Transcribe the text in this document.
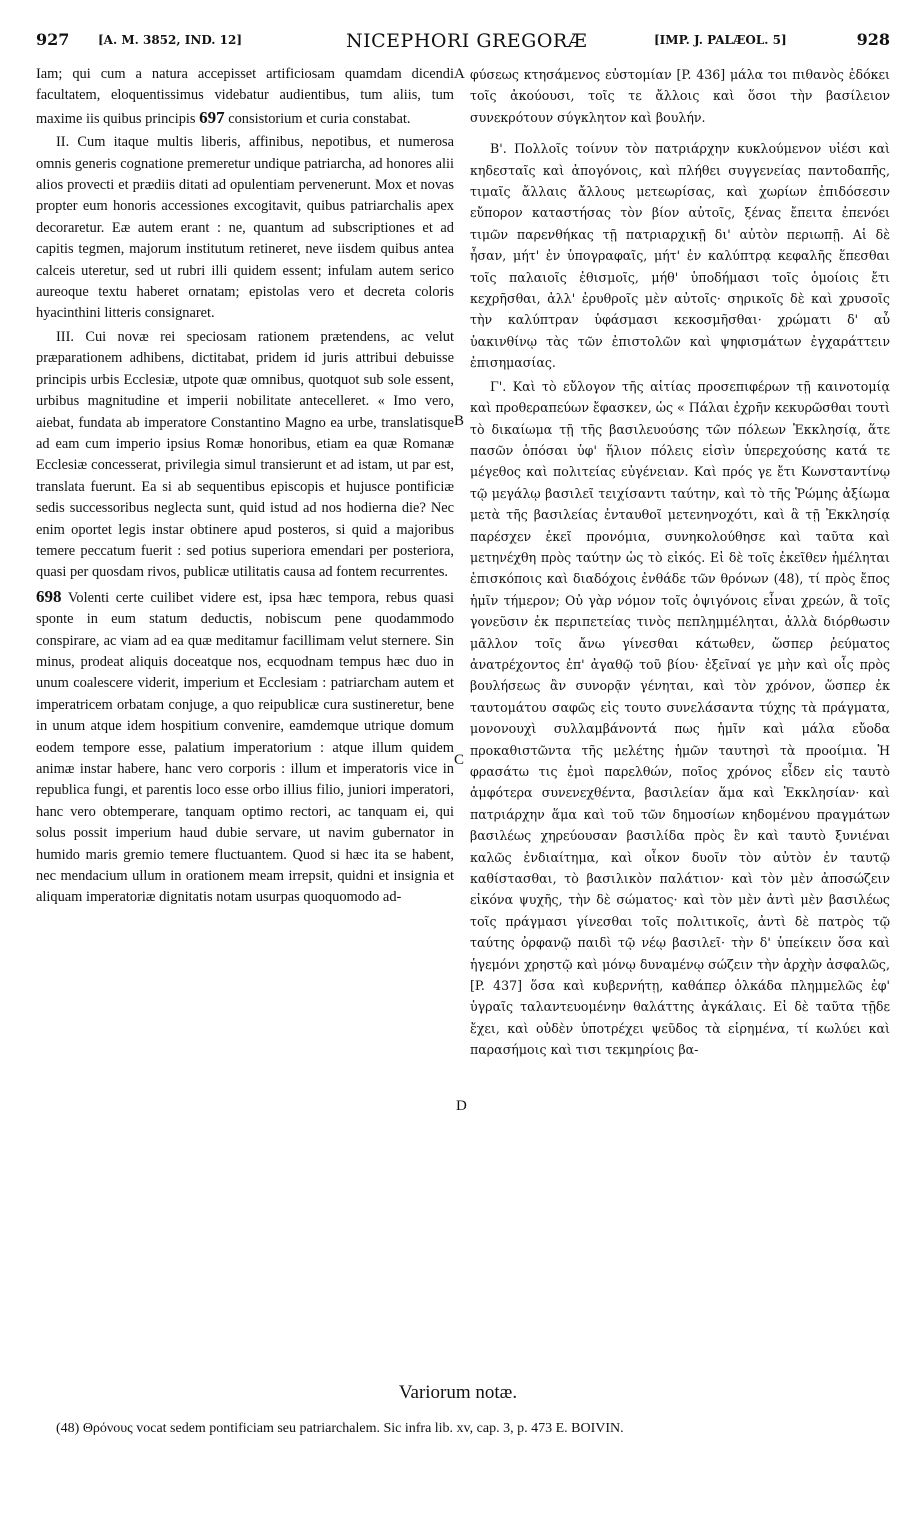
927 [A. M. 3852, IND. 12]	NICEPHORI GREGORÆ	[IMP. J. PALÆOL. 5]	928

Iam; qui cum a natura accepisset artificiosam quamdam dicendi facultatem, eloquentissimus videbatur audientibus, tum aliis, tum maxime iis quibus principis 697 consistorium et curia constabat.

II. Cum itaque multis liberis, affinibus, nepotibus, et numerosa omnis generis cognatione premeretur undique patriarcha, ad honores alii alios provecti et prædiis ditati ad opulentiam pervenerunt. Mox et novas propter eum honoris accessiones excogitavit, quibus patriarchalis apex decoraretur. Eæ autem erant : ne, quantum ad subscriptiones et ad capitis tegmen, majorum institutum retineret, neve iisdem quibus antea calceis uteretur, sed ut rubri illi quidem essent; infulam autem serico aureoque textu haberet ornatam; epistolas vero et decreta coloris hyacinthini litteris consignaret.

III. Cui novæ rei speciosam rationem prætendens, ac velut præparationem adhibens, dictitabat, pridem id juris attribui debuisse principis urbis Ecclesiæ, utpote quæ omnibus, quotquot sub sole essent, urbibus magnitudine et imperii nobilitate antecelleret. « Imo vero, aiebat, fundata ab imperatore Constantino Magno ea urbe, translatisque ad eam cum imperio ipsius Romæ honoribus, etiam ea quæ Romanæ Ecclesiæ concesserat, privilegia simul transierunt et ad istam, ut par est, translata fuerunt. Ea si ab sequentibus episcopis et hujusce pontificiæ sedis successoribus neglecta sunt, quid istud ad nos hodierna die? Nec enim oportet legis instar obtinere apud posteros, si quid a majoribus temere peccatum fuerit : sed potius superiora emendari per posteriora, quasi per quosdam rivos, publicæ utilitatis causa ad fontem recurrentes.

698 Volenti certe cuilibet videre est, ipsa hæc tempora, rebus quasi sponte in eum statum deductis, nobiscum pene quodammodo conspirare, ac viam ad ea quæ meditamur facillimam velut sternere. Sin minus, prodeat aliquis doceatque nos, ecquodnam tempus hæc duo in unum coalescere viderit, imperium et Ecclesiam : patriarcham autem et imperatricem orbatam conjuge, a quo reipublicæ cura sustineretur, bene in unum atque idem hospitium convenire, eamdemque utrique domum eodem tempore esse, palatium imperatorium : atque illum quidem animæ instar habere, hanc vero corporis : illum et imperatoris vice in republica fungi, et parentis loco esse orbo illius filio, juniori imperatori, hanc vero obtemperare, tanquam optimo rectori, ac tanquam ei, qui solus possit imperium haud dubie servare, ut navim gubernator in humido maris gremio temere fluctuantem. Quod si hæc ita se habent, nec mendacium ullum in orationem meam irrepsit, quidni et insignia et aliquam imperatoriæ dignitatis notam usurpas quoquomodo ad-

φύσεως κτησάμενος εὐστομίαν [P. 436] μάλα τοι πιθανὸς ἐδόκει τοῖς ἀκούουσι, τοῖς τε ἄλλοις καὶ ὅσοι τὴν βασίλειον συνεκρότουν σύγκλητον καὶ βουλήν.

Β'. Πολλοῖς τοίνυν τὸν πατριάρχην κυκλούμενον υἱέσι καὶ κηδεσταῖς καὶ ἀπογόνοις, καὶ πλήθει συγγενείας παντοδαπῆς, τιμαῖς ἄλλαις ἄλλους μετεωρίσας, καὶ χωρίων ἐπιδόσεσιν εὔπορον καταστήσας τὸν βίον αὐτοῖς, ξένας ἔπειτα ἐπενόει τιμῶν παρενθήκας τῇ πατριαρχικῇ δι' αὐτὸν περιωπῇ. Αἱ δὲ ἦσαν, μήτ' ἐν ὑπογραφαῖς, μήτ' ἐν καλύπτρᾳ κεφαλῆς ἕπεσθαι τοῖς παλαιοῖς ἐθισμοῖς, μήθ' ὑποδήμασι τοῖς ὁμοίοις ἔτι κεχρῆσθαι, ἀλλ' ἐρυθροῖς μὲν αὐτοῖς· σηρικοῖς δὲ καὶ χρυσοῖς τὴν καλύπτραν ὑφάσμασι κεκοσμῆσθαι· χρώματι δ' αὖ ὑακινθίνῳ τὰς τῶν ἐπιστολῶν καὶ ψηφισμάτων ἐγχαράττειν ἐπισημασίας.

Γ'. Καὶ τὸ εὔλογον τῆς αἰτίας προσεπιφέρων τῇ καινοτομίᾳ καὶ προθεραπεύων ἔφασκεν, ὡς « Πάλαι ἐχρῆν κεκυρῶσθαι τουτὶ τὸ δικαίωμα τῇ τῆς βασιλευούσης τῶν πόλεων Ἐκκλησίᾳ, ἅτε πασῶν ὁπόσαι ὑφ' ἥλιον πόλεις εἰσὶν ὑπερεχούσης κατά τε μέγεθος καὶ πολιτείας εὐγένειαν. Καὶ πρός γε ἔτι Κωνσταντίνῳ τῷ μεγάλῳ βασιλεῖ τειχίσαντι ταύτην, καὶ τὸ τῆς Ῥώμης ἀξίωμα μετὰ τῆς βασιλείας ἐνταυθοῖ μετενηνοχότι, καὶ ἃ τῇ Ἐκκλησίᾳ παρέσχεν ἐκεῖ προνόμια, συνηκολούθησε καὶ ταῦτα καὶ μετηνέχθη πρὸς ταύτην ὡς τὸ εἰκός. Εἰ δὲ τοῖς ἐκεῖθεν ἠμέληται ἐπισκόποις καὶ διαδόχοις ἐνθάδε τῶν θρόνων (48), τί πρὸς ἔπος ἡμῖν τήμερον; Οὐ γὰρ νόμον τοῖς ὀψιγόνοις εἶναι χρεών, ἃ τοῖς γονεῦσιν ἐκ περιπετείας τινὸς πεπλημμέληται, ἀλλὰ διόρθωσιν μᾶλλον τοῖς ἄνω γίνεσθαι κάτωθεν, ὥσπερ ῥεύματος ἀνατρέχοντος ἐπ' ἀγαθῷ τοῦ βίου· ἐξεῖναί γε μὴν καὶ οἷς πρὸς βουλήσεως ἂν συνορᾷν γένηται, καὶ τὸν χρόνον, ὥσπερ ἐκ ταυτομάτου σαφῶς εἰς τουτο συνελάσαντα τύχης τὰ πράγματα, μονονουχὶ συλλαμβάνοντά πως ἡμῖν καὶ μάλα εὔοδα προκαθιστῶντα τῆς μελέτης ἡμῶν ταυτησὶ τὰ προοίμια. Ἡ φρασάτω τις ἐμοὶ παρελθών, ποῖος χρόνος εἶδεν εἰς ταυτὸ ἀμφότερα συνενεχθέντα, βασιλείαν ἅμα καὶ Ἐκκλησίαν· καὶ πατριάρχην ἅμα καὶ τοῦ τῶν δημοσίων κηδομένου πραγμάτων βασιλέως χηρεύουσαν βασιλίδα πρὸς ἓν καὶ ταυτὸ ξυνιέναι καλῶς ἐνδιαίτημα, καὶ οἶκον δυοῖν τὸν αὐτὸν ἐν ταυτῷ καθίστασθαι, τὸ βασιλικὸν παλάτιον· καὶ τὸν μὲν ἀποσώζειν εἰκόνα ψυχῆς, τὴν δὲ σώματος· καὶ τὸν μὲν ἀντὶ μὲν βασιλέως τοῖς πράγμασι γίνεσθαι τοῖς πολιτικοῖς, ἀντὶ δὲ πατρὸς τῷ ταύτης ὀρφανῷ παιδὶ τῷ νέῳ βασιλεῖ· τὴν δ' ὑπείκειν ὅσα καὶ ἡγεμόνι χρηστῷ καὶ μόνῳ δυναμένῳ σώζειν τὴν ἀρχὴν ἀσφαλῶς, [P. 437] ὅσα καὶ κυβερνήτῃ, καθάπερ ὁλκάδα πλημμελῶς ἐφ' ὑγραῖς ταλαντευομένην θαλάττης ἀγκάλαις. Εἰ δὲ ταῦτα τῇδε ἔχει, καὶ οὐδὲν ὑποτρέχει ψεῦδος τὰ εἰρημένα, τί κωλύει καὶ παρασήμοις καὶ τισι τεκμηρίοις βα-

A
B
C
D
Variorum notæ.
(48) Θρόνους vocat sedem pontificiam seu patriarchalem. Sic infra lib. xv, cap. 3, p. 473 E. BOIVIN.
